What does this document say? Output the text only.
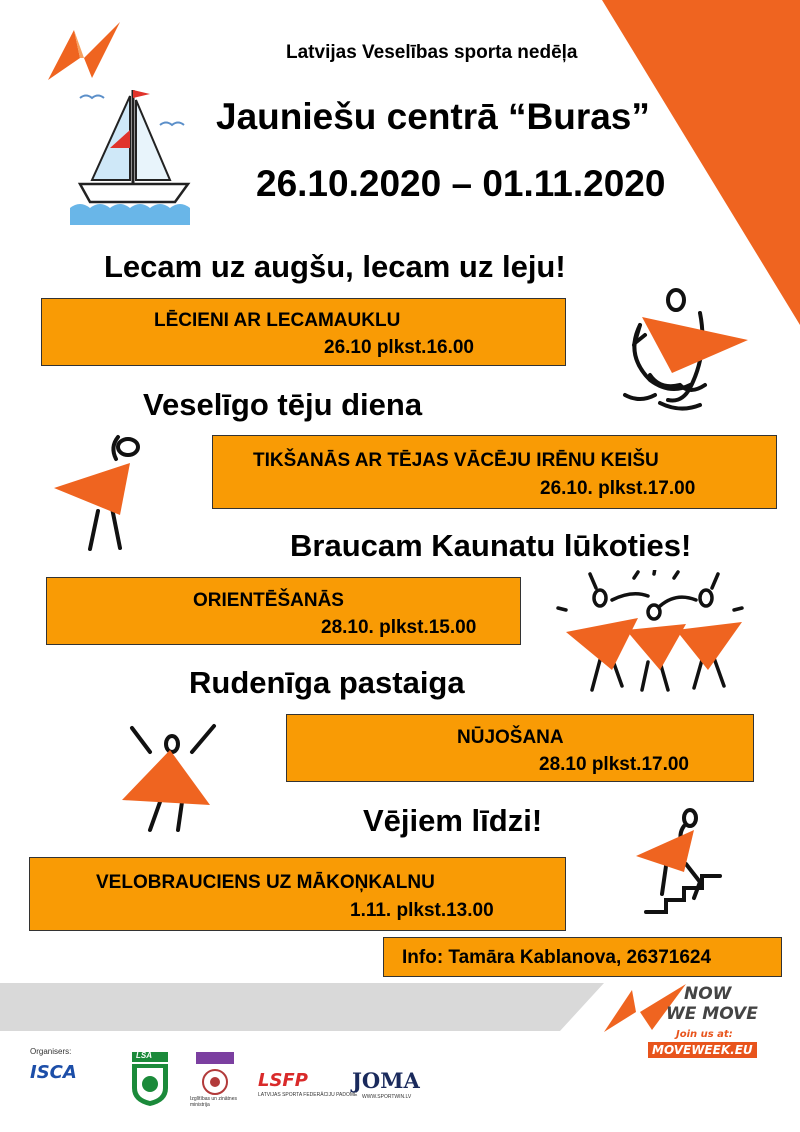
Latvijas Veselības sporta nedēļa
Jauniešu centrā “Buras”
26.10.2020 – 01.11.2020
Lecam uz augšu, lecam uz leju!
LĒCIENI AR LECAMAUKLU
26.10 plkst.16.00
Veselīgo tēju diena
TIKŠANĀS AR TĒJAS VĀCĒJU IRĒNU KEIŠU
26.10. plkst.17.00
Braucam Kaunatu lūkoties!
ORIENTĒŠANĀS
28.10. plkst.15.00
Rudenīga pastaiga
NŪJOŠANA
28.10 plkst.17.00
Vējiem līdzi!
VELOBRAUCIENS UZ MĀKOŅKALNU
1.11. plkst.13.00
Info: Tamāra Kablanova, 26371624
NOW
WE MOVE
Join us at:
MOVEWEEK.EU
Organisers:
ISCA
LSA
Izglītības un zinātnes ministrija
LSFP
LATVIJAS SPORTA FEDERĀCIJU PADOME
JOMA
WWW.SPORTWIN.LV
